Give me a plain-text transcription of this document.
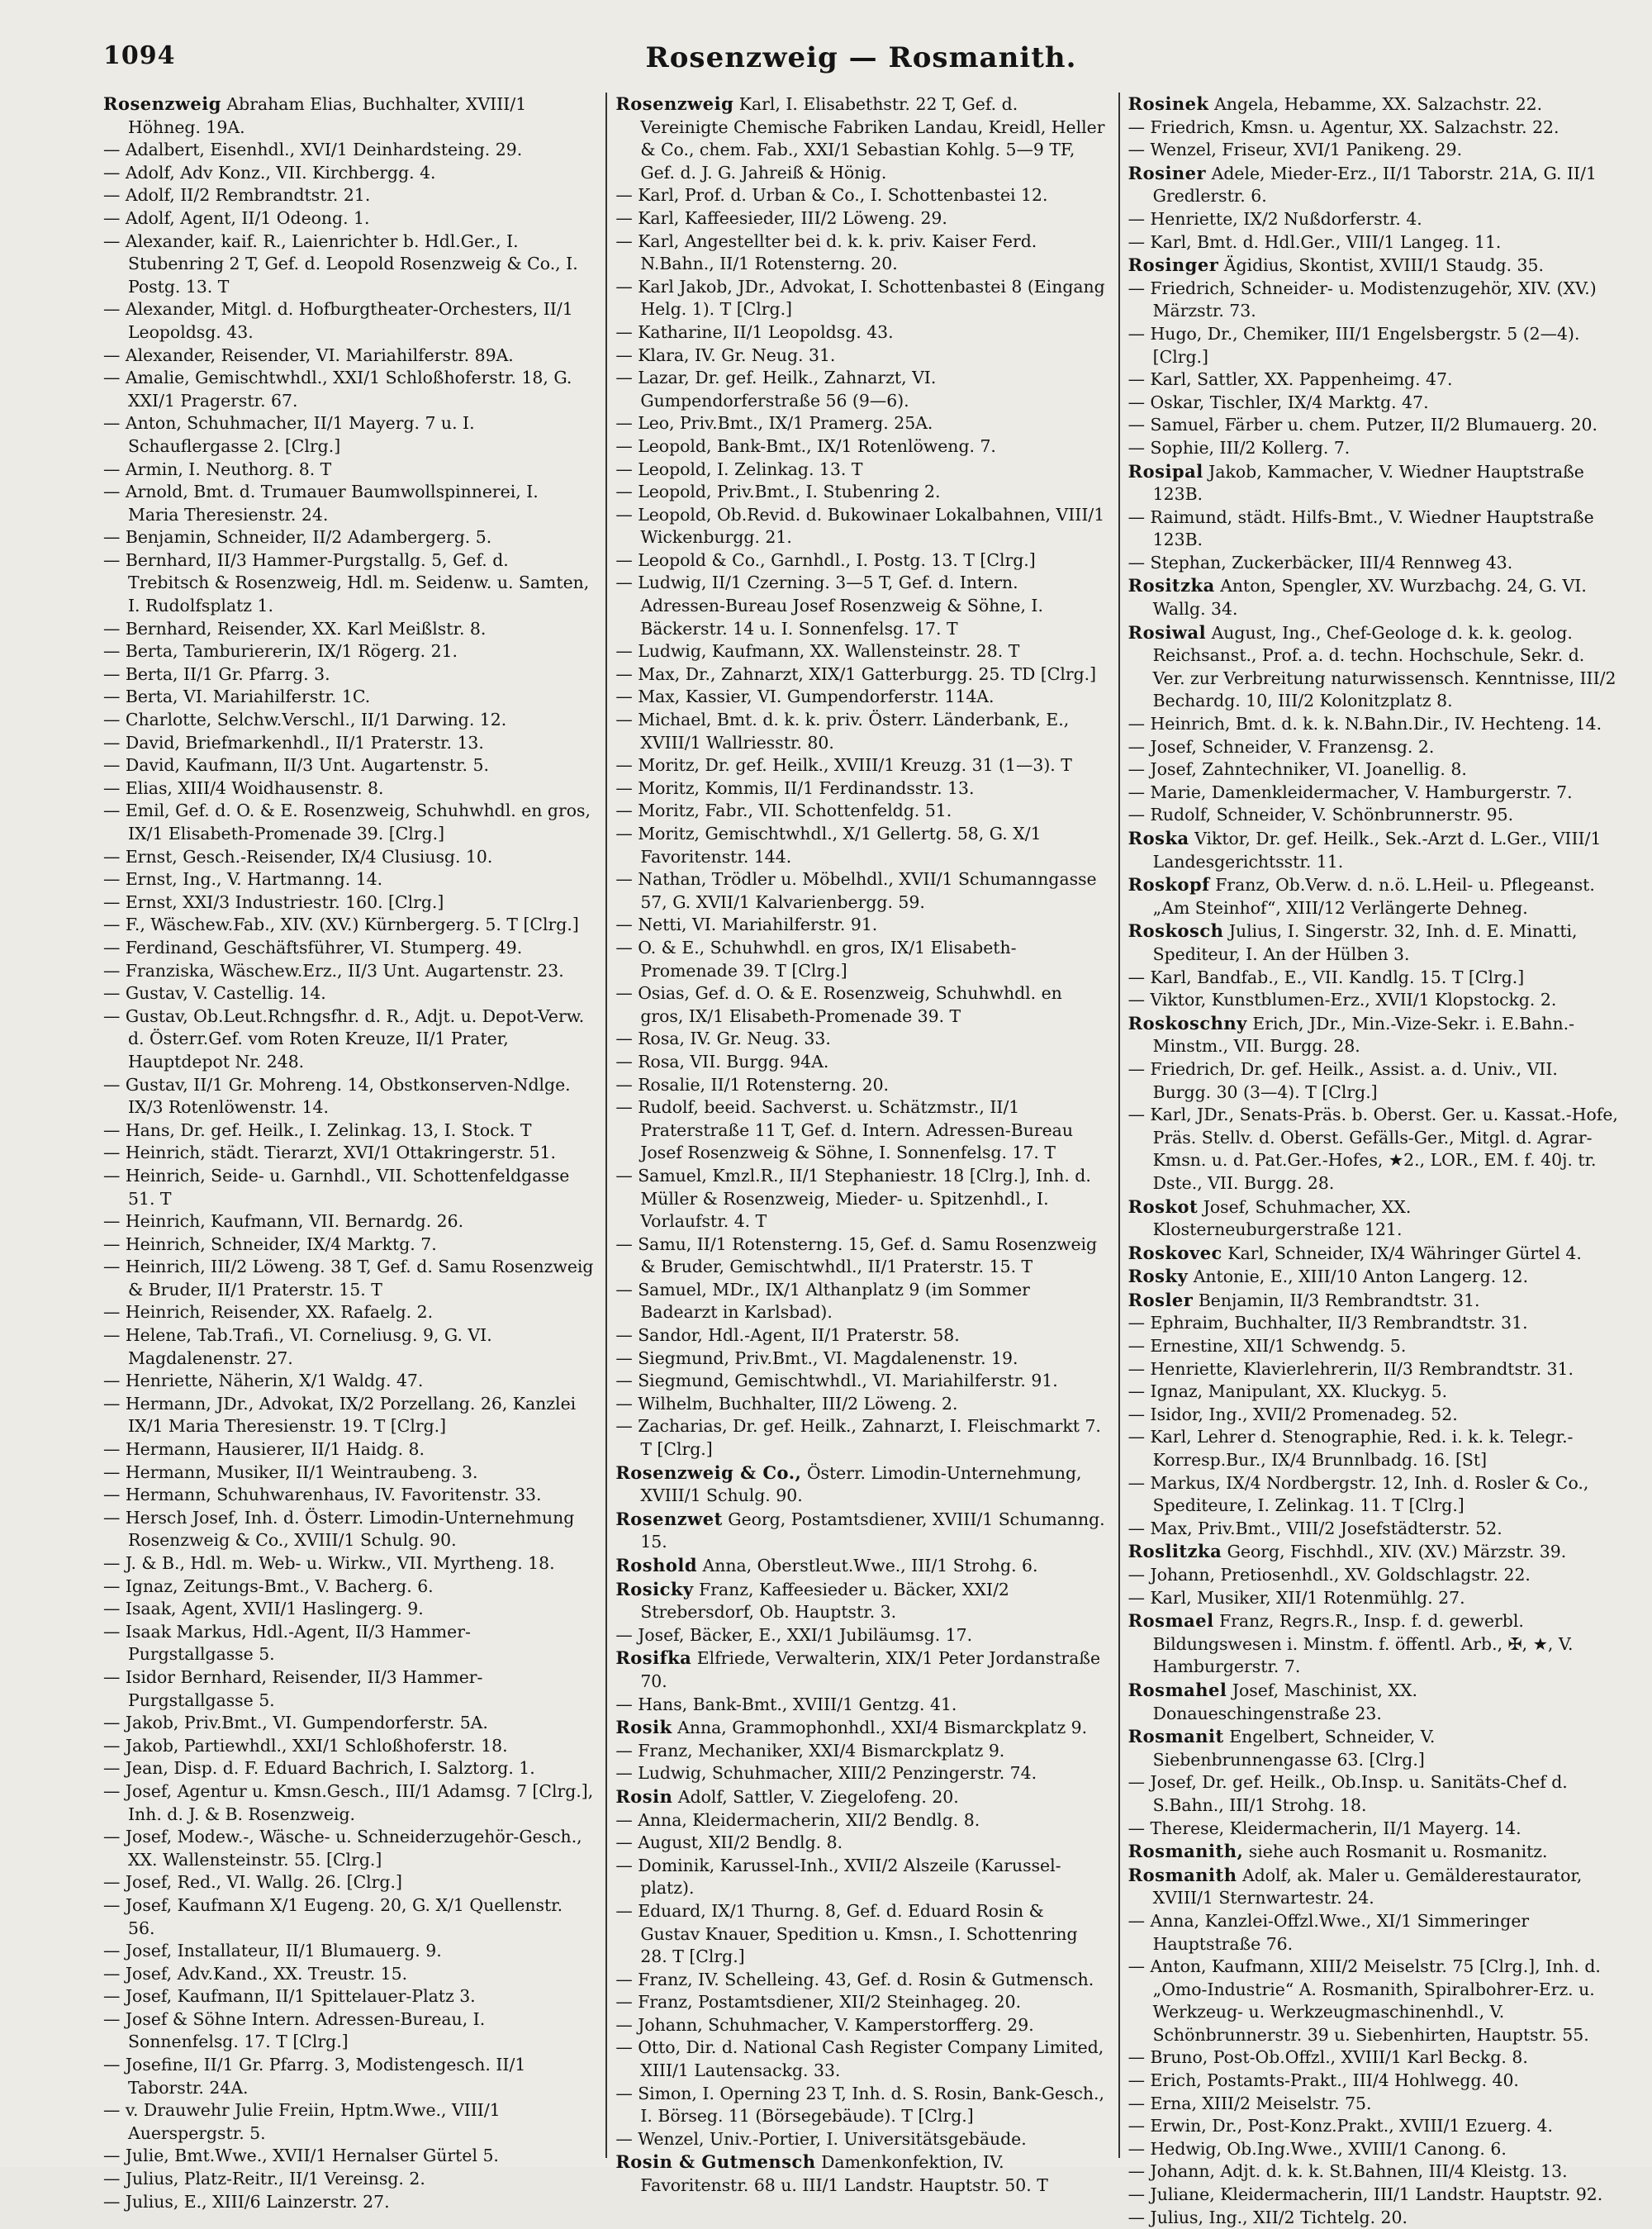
1094	Rosenzweig — Rosmanith.

Rosenzweig Abraham Elias, Buchhalter, XVIII/1 Höhneg. 19A.

— Adalbert, Eisenhdl., XVI/1 Deinhardsteing. 29.

— Adolf, Adv Konz., VII. Kirchbergg. 4.

— Adolf, II/2 Rembrandtstr. 21.

— Adolf, Agent, II/1 Odeong. 1.

— Alexander, kaif. R., Laienrichter b. Hdl.Ger., I. Stubenring 2 T, Gef. d. Leopold Rosenzweig & Co., I. Postg. 13. T

— Alexander, Mitgl. d. Hofburgtheater-Orchesters, II/1 Leopoldsg. 43.

— Alexander, Reisender, VI. Mariahilferstr. 89A.

— Amalie, Gemischtwhdl., XXI/1 Schloßhoferstr. 18, G. XXI/1 Pragerstr. 67.

— Anton, Schuhmacher, II/1 Mayerg. 7 u. I. Schauflergasse 2. [Clrg.]

— Armin, I. Neuthorg. 8. T

— Arnold, Bmt. d. Trumauer Baumwollspinnerei, I. Maria Theresienstr. 24.

— Benjamin, Schneider, II/2 Adambergerg. 5.

— Bernhard, II/3 Hammer-Purgstallg. 5, Gef. d. Trebitsch & Rosenzweig, Hdl. m. Seidenw. u. Samten, I. Rudolfsplatz 1.

— Bernhard, Reisender, XX. Karl Meißlstr. 8.

— Berta, Tamburiererin, IX/1 Rögerg. 21.

— Berta, II/1 Gr. Pfarrg. 3.

— Berta, VI. Mariahilferstr. 1C.

— Charlotte, Selchw.Verschl., II/1 Darwing. 12.

— David, Briefmarkenhdl., II/1 Praterstr. 13.

— David, Kaufmann, II/3 Unt. Augartenstr. 5.

— Elias, XIII/4 Woidhausenstr. 8.

— Emil, Gef. d. O. & E. Rosenzweig, Schuhwhdl. en gros, IX/1 Elisabeth-Promenade 39. [Clrg.]

— Ernst, Gesch.-Reisender, IX/4 Clusiusg. 10.

— Ernst, Ing., V. Hartmanng. 14.

— Ernst, XXI/3 Industriestr. 160. [Clrg.]

— F., Wäschew.Fab., XIV. (XV.) Kürnbergerg. 5. T [Clrg.]

— Ferdinand, Geschäftsführer, VI. Stumperg. 49.

— Franziska, Wäschew.Erz., II/3 Unt. Augartenstr. 23.

— Gustav, V. Castellig. 14.

— Gustav, Ob.Leut.Rchngsfhr. d. R., Adjt. u. Depot-Verw. d. Österr.Gef. vom Roten Kreuze, II/1 Prater, Hauptdepot Nr. 248.

— Gustav, II/1 Gr. Mohreng. 14, Obstkonserven-Ndlge. IX/3 Rotenlöwenstr. 14.

— Hans, Dr. gef. Heilk., I. Zelinkag. 13, I. Stock. T

— Heinrich, städt. Tierarzt, XVI/1 Ottakringerstr. 51.

— Heinrich, Seide- u. Garnhdl., VII. Schottenfeldgasse 51. T

— Heinrich, Kaufmann, VII. Bernardg. 26.

— Heinrich, Schneider, IX/4 Marktg. 7.

— Heinrich, III/2 Löweng. 38 T, Gef. d. Samu Rosenzweig & Bruder, II/1 Praterstr. 15. T

— Heinrich, Reisender, XX. Rafaelg. 2.

— Helene, Tab.Trafi., VI. Corneliusg. 9, G. VI. Magdalenenstr. 27.

— Henriette, Näherin, X/1 Waldg. 47.

— Hermann, JDr., Advokat, IX/2 Porzellang. 26, Kanzlei IX/1 Maria Theresienstr. 19. T [Clrg.]

— Hermann, Hausierer, II/1 Haidg. 8.

— Hermann, Musiker, II/1 Weintraubeng. 3.

— Hermann, Schuhwarenhaus, IV. Favoritenstr. 33.

— Hersch Josef, Inh. d. Österr. Limodin-Unternehmung Rosenzweig & Co., XVIII/1 Schulg. 90.

— J. & B., Hdl. m. Web- u. Wirkw., VII. Myrtheng. 18.

— Ignaz, Zeitungs-Bmt., V. Bacherg. 6.

— Isaak, Agent, XVII/1 Haslingerg. 9.

— Isaak Markus, Hdl.-Agent, II/3 Hammer-Purgstallgasse 5.

— Isidor Bernhard, Reisender, II/3 Hammer-Purgstallgasse 5.

— Jakob, Priv.Bmt., VI. Gumpendorferstr. 5A.

— Jakob, Partiewhdl., XXI/1 Schloßhoferstr. 18.

— Jean, Disp. d. F. Eduard Bachrich, I. Salztorg. 1.

— Josef, Agentur u. Kmsn.Gesch., III/1 Adamsg. 7 [Clrg.], Inh. d. J. & B. Rosenzweig.

— Josef, Modew.-, Wäsche- u. Schneiderzugehör-Gesch., XX. Wallensteinstr. 55. [Clrg.]

— Josef, Red., VI. Wallg. 26. [Clrg.]

— Josef, Kaufmann X/1 Eugeng. 20, G. X/1 Quellenstr. 56.

— Josef, Installateur, II/1 Blumauerg. 9.

— Josef, Adv.Kand., XX. Treustr. 15.

— Josef, Kaufmann, II/1 Spittelauer-Platz 3.

— Josef & Söhne Intern. Adressen-Bureau, I. Sonnenfelsg. 17. T [Clrg.]

— Josefine, II/1 Gr. Pfarrg. 3, Modistengesch. II/1 Taborstr. 24A.

— v. Drauwehr Julie Freiin, Hptm.Wwe., VIII/1 Auerspergstr. 5.

— Julie, Bmt.Wwe., XVII/1 Hernalser Gürtel 5.

— Julius, Platz-Reitr., II/1 Vereinsg. 2.

— Julius, E., XIII/6 Lainzerstr. 27.

Rosenzweig Karl, I. Elisabethstr. 22 T, Gef. d. Vereinigte Chemische Fabriken Landau, Kreidl, Heller & Co., chem. Fab., XXI/1 Sebastian Kohlg. 5—9 TF, Gef. d. J. G. Jahreiß & Hönig.

— Karl, Prof. d. Urban & Co., I. Schottenbastei 12.

— Karl, Kaffeesieder, III/2 Löweng. 29.

— Karl, Angestellter bei d. k. k. priv. Kaiser Ferd. N.Bahn., II/1 Rotensterng. 20.

— Karl Jakob, JDr., Advokat, I. Schottenbastei 8 (Eingang Helg. 1). T [Clrg.]

— Katharine, II/1 Leopoldsg. 43.

— Klara, IV. Gr. Neug. 31.

— Lazar, Dr. gef. Heilk., Zahnarzt, VI. Gumpendorferstraße 56 (9—6).

— Leo, Priv.Bmt., IX/1 Pramerg. 25A.

— Leopold, Bank-Bmt., IX/1 Rotenlöweng. 7.

— Leopold, I. Zelinkag. 13. T

— Leopold, Priv.Bmt., I. Stubenring 2.

— Leopold, Ob.Revid. d. Bukowinaer Lokalbahnen, VIII/1 Wickenburgg. 21.

— Leopold & Co., Garnhdl., I. Postg. 13. T [Clrg.]

— Ludwig, II/1 Czerning. 3—5 T, Gef. d. Intern. Adressen-Bureau Josef Rosenzweig & Söhne, I. Bäckerstr. 14 u. I. Sonnenfelsg. 17. T

— Ludwig, Kaufmann, XX. Wallensteinstr. 28. T

— Max, Dr., Zahnarzt, XIX/1 Gatterburgg. 25. TD [Clrg.]

— Max, Kassier, VI. Gumpendorferstr. 114A.

— Michael, Bmt. d. k. k. priv. Österr. Länderbank, E., XVIII/1 Wallriesstr. 80.

— Moritz, Dr. gef. Heilk., XVIII/1 Kreuzg. 31 (1—3). T

— Moritz, Kommis, II/1 Ferdinandsstr. 13.

— Moritz, Fabr., VII. Schottenfeldg. 51.

— Moritz, Gemischtwhdl., X/1 Gellertg. 58, G. X/1 Favoritenstr. 144.

— Nathan, Trödler u. Möbelhdl., XVII/1 Schumanngasse 57, G. XVII/1 Kalvarienbergg. 59.

— Netti, VI. Mariahilferstr. 91.

— O. & E., Schuhwhdl. en gros, IX/1 Elisabeth-Promenade 39. T [Clrg.]

— Osias, Gef. d. O. & E. Rosenzweig, Schuhwhdl. en gros, IX/1 Elisabeth-Promenade 39. T

— Rosa, IV. Gr. Neug. 33.

— Rosa, VII. Burgg. 94A.

— Rosalie, II/1 Rotensterng. 20.

— Rudolf, beeid. Sachverst. u. Schätzmstr., II/1 Praterstraße 11 T, Gef. d. Intern. Adressen-Bureau Josef Rosenzweig & Söhne, I. Sonnenfelsg. 17. T

— Samuel, Kmzl.R., II/1 Stephaniestr. 18 [Clrg.], Inh. d. Müller & Rosenzweig, Mieder- u. Spitzenhdl., I. Vorlaufstr. 4. T

— Samu, II/1 Rotensterng. 15, Gef. d. Samu Rosenzweig & Bruder, Gemischtwhdl., II/1 Praterstr. 15. T

— Samuel, MDr., IX/1 Althanplatz 9 (im Sommer Badearzt in Karlsbad).

— Sandor, Hdl.-Agent, II/1 Praterstr. 58.

— Siegmund, Priv.Bmt., VI. Magdalenenstr. 19.

— Siegmund, Gemischtwhdl., VI. Mariahilferstr. 91.

— Wilhelm, Buchhalter, III/2 Löweng. 2.

— Zacharias, Dr. gef. Heilk., Zahnarzt, I. Fleischmarkt 7. T [Clrg.]

Rosenzweig & Co., Österr. Limodin-Unternehmung, XVIII/1 Schulg. 90.

Rosenzwet Georg, Postamtsdiener, XVIII/1 Schumanng. 15.

Roshold Anna, Oberstleut.Wwe., III/1 Strohg. 6.

Rosicky Franz, Kaffeesieder u. Bäcker, XXI/2 Strebersdorf, Ob. Hauptstr. 3.

— Josef, Bäcker, E., XXI/1 Jubiläumsg. 17.

Rosifka Elfriede, Verwalterin, XIX/1 Peter Jordanstraße 70.

— Hans, Bank-Bmt., XVIII/1 Gentzg. 41.

Rosik Anna, Grammophonhdl., XXI/4 Bismarckplatz 9.

— Franz, Mechaniker, XXI/4 Bismarckplatz 9.

— Ludwig, Schuhmacher, XIII/2 Penzingerstr. 74.

Rosin Adolf, Sattler, V. Ziegelofeng. 20.

— Anna, Kleidermacherin, XII/2 Bendlg. 8.

— August, XII/2 Bendlg. 8.

— Dominik, Karussel-Inh., XVII/2 Alszeile (Karussel-platz).

— Eduard, IX/1 Thurng. 8, Gef. d. Eduard Rosin & Gustav Knauer, Spedition u. Kmsn., I. Schottenring 28. T [Clrg.]

— Franz, IV. Schelleing. 43, Gef. d. Rosin & Gutmensch.

— Franz, Postamtsdiener, XII/2 Steinhageg. 20.

— Johann, Schuhmacher, V. Kamperstorfferg. 29.

— Otto, Dir. d. National Cash Register Company Limited, XIII/1 Lautensackg. 33.

— Simon, I. Operning 23 T, Inh. d. S. Rosin, Bank-Gesch., I. Börseg. 11 (Börsegebäude). T [Clrg.]

— Wenzel, Univ.-Portier, I. Universitätsgebäude.

Rosin & Gutmensch Damenkonfektion, IV. Favoritenstr. 68 u. III/1 Landstr. Hauptstr. 50. T

Rosinek Angela, Hebamme, XX. Salzachstr. 22.

— Friedrich, Kmsn. u. Agentur, XX. Salzachstr. 22.

— Wenzel, Friseur, XVI/1 Panikeng. 29.

Rosiner Adele, Mieder-Erz., II/1 Taborstr. 21A, G. II/1 Gredlerstr. 6.

— Henriette, IX/2 Nußdorferstr. 4.

— Karl, Bmt. d. Hdl.Ger., VIII/1 Langeg. 11.

Rosinger Ägidius, Skontist, XVIII/1 Staudg. 35.

— Friedrich, Schneider- u. Modistenzugehör, XIV. (XV.) Märzstr. 73.

— Hugo, Dr., Chemiker, III/1 Engelsbergstr. 5 (2—4). [Clrg.]

— Karl, Sattler, XX. Pappenheimg. 47.

— Oskar, Tischler, IX/4 Marktg. 47.

— Samuel, Färber u. chem. Putzer, II/2 Blumauerg. 20.

— Sophie, III/2 Kollerg. 7.

Rosipal Jakob, Kammacher, V. Wiedner Hauptstraße 123B.

— Raimund, städt. Hilfs-Bmt., V. Wiedner Hauptstraße 123B.

— Stephan, Zuckerbäcker, III/4 Rennweg 43.

Rositzka Anton, Spengler, XV. Wurzbachg. 24, G. VI. Wallg. 34.

Rosiwal August, Ing., Chef-Geologe d. k. k. geolog. Reichsanst., Prof. a. d. techn. Hochschule, Sekr. d. Ver. zur Verbreitung naturwissensch. Kenntnisse, III/2 Bechardg. 10, III/2 Kolonitzplatz 8.

— Heinrich, Bmt. d. k. k. N.Bahn.Dir., IV. Hechteng. 14.

— Josef, Schneider, V. Franzensg. 2.

— Josef, Zahntechniker, VI. Joanellig. 8.

— Marie, Damenkleidermacher, V. Hamburgerstr. 7.

— Rudolf, Schneider, V. Schönbrunnerstr. 95.

Roska Viktor, Dr. gef. Heilk., Sek.-Arzt d. L.Ger., VIII/1 Landesgerichtsstr. 11.

Roskopf Franz, Ob.Verw. d. n.ö. L.Heil- u. Pflegeanst. „Am Steinhof“, XIII/12 Verlängerte Dehneg.

Roskosch Julius, I. Singerstr. 32, Inh. d. E. Minatti, Spediteur, I. An der Hülben 3.

— Karl, Bandfab., E., VII. Kandlg. 15. T [Clrg.]

— Viktor, Kunstblumen-Erz., XVII/1 Klopstockg. 2.

Roskoschny Erich, JDr., Min.-Vize-Sekr. i. E.Bahn.-Minstm., VII. Burgg. 28.

— Friedrich, Dr. gef. Heilk., Assist. a. d. Univ., VII. Burgg. 30 (3—4). T [Clrg.]

— Karl, JDr., Senats-Präs. b. Oberst. Ger. u. Kassat.-Hofe, Präs. Stellv. d. Oberst. Gefälls-Ger., Mitgl. d. Agrar-Kmsn. u. d. Pat.Ger.-Hofes, ★2., LOR., EM. f. 40j. tr. Dste., VII. Burgg. 28.

Roskot Josef, Schuhmacher, XX. Klosterneuburgerstraße 121.

Roskovec Karl, Schneider, IX/4 Währinger Gürtel 4.

Rosky Antonie, E., XIII/10 Anton Langerg. 12.

Rosler Benjamin, II/3 Rembrandtstr. 31.

— Ephraim, Buchhalter, II/3 Rembrandtstr. 31.

— Ernestine, XII/1 Schwendg. 5.

— Henriette, Klavierlehrerin, II/3 Rembrandtstr. 31.

— Ignaz, Manipulant, XX. Kluckyg. 5.

— Isidor, Ing., XVII/2 Promenadeg. 52.

— Karl, Lehrer d. Stenographie, Red. i. k. k. Telegr.-Korresp.Bur., IX/4 Brunnlbadg. 16. [St]

— Markus, IX/4 Nordbergstr. 12, Inh. d. Rosler & Co., Spediteure, I. Zelinkag. 11. T [Clrg.]

— Max, Priv.Bmt., VIII/2 Josefstädterstr. 52.

Roslitzka Georg, Fischhdl., XIV. (XV.) Märzstr. 39.

— Johann, Pretiosenhdl., XV. Goldschlagstr. 22.

— Karl, Musiker, XII/1 Rotenmühlg. 27.

Rosmael Franz, Regrs.R., Insp. f. d. gewerbl. Bildungswesen i. Minstm. f. öffentl. Arb., ✠, ★, V. Hamburgerstr. 7.

Rosmahel Josef, Maschinist, XX. Donaueschingenstraße 23.

Rosmanit Engelbert, Schneider, V. Siebenbrunnengasse 63. [Clrg.]

— Josef, Dr. gef. Heilk., Ob.Insp. u. Sanitäts-Chef d. S.Bahn., III/1 Strohg. 18.

— Therese, Kleidermacherin, II/1 Mayerg. 14.

Rosmanith, siehe auch Rosmanit u. Rosmanitz.

Rosmanith Adolf, ak. Maler u. Gemälderestaurator, XVIII/1 Sternwartestr. 24.

— Anna, Kanzlei-Offzl.Wwe., XI/1 Simmeringer Hauptstraße 76.

— Anton, Kaufmann, XIII/2 Meiselstr. 75 [Clrg.], Inh. d. „Omo-Industrie“ A. Rosmanith, Spiralbohrer-Erz. u. Werkzeug- u. Werkzeugmaschinenhdl., V. Schönbrunnerstr. 39 u. Siebenhirten, Hauptstr. 55.

— Bruno, Post-Ob.Offzl., XVIII/1 Karl Beckg. 8.

— Erich, Postamts-Prakt., III/4 Hohlwegg. 40.

— Erna, XIII/2 Meiselstr. 75.

— Erwin, Dr., Post-Konz.Prakt., XVIII/1 Ezuerg. 4.

— Hedwig, Ob.Ing.Wwe., XVIII/1 Canong. 6.

— Johann, Adjt. d. k. k. St.Bahnen, III/4 Kleistg. 13.

— Juliane, Kleidermacherin, III/1 Landstr. Hauptstr. 92.

— Julius, Ing., XII/2 Tichtelg. 20.
